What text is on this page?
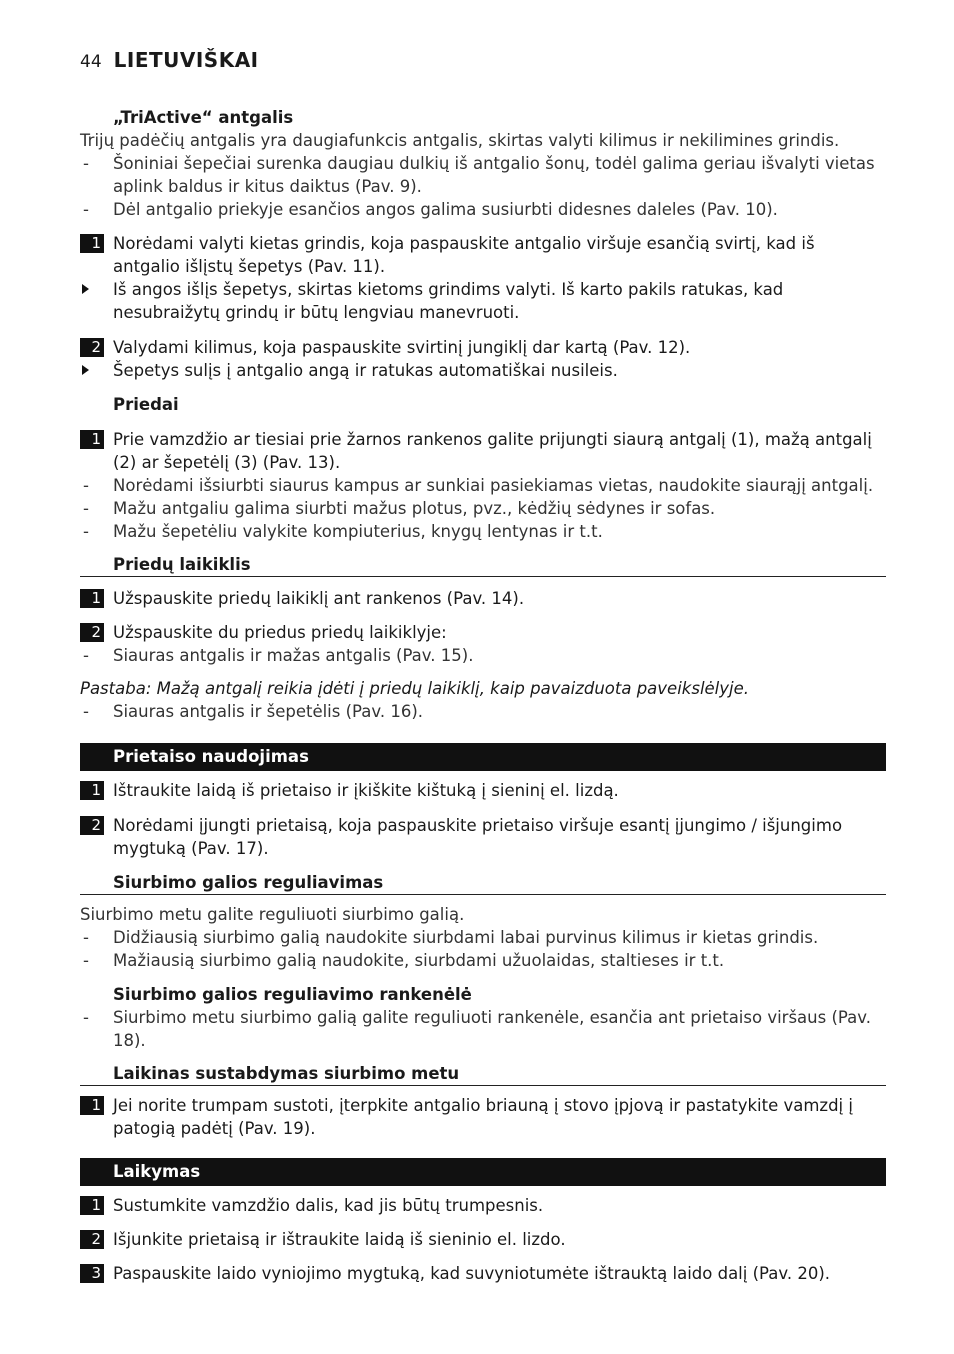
44 LIETUVIŠKAI
„TriActive“ antgalis
Trijų padėčių antgalis yra daugiafunkcis antgalis, skirtas valyti kilimus ir nekilimines grindis.
- Šoniniai šepečiai surenka daugiau dulkių iš antgalio šonų, todėl galima geriau išvalyti vietas aplink baldus ir kitus daiktus (Pav. 9).
- Dėl antgalio priekyje esančios angos galima susiurbti didesnes daleles (Pav. 10).
1 Norėdami valyti kietas grindis, koja paspauskite antgalio viršuje esančią svirtį, kad iš antgalio išlįstų šepetys (Pav. 11).
Iš angos išlįs šepetys, skirtas kietoms grindims valyti. Iš karto pakils ratukas, kad nesubraižytų grindų ir būtų lengviau manevruoti.
2 Valydami kilimus, koja paspauskite svirtinį jungiklį dar kartą (Pav. 12).
Šepetys sulįs į antgalio angą ir ratukas automatiškai nusileis.
Priedai
1 Prie vamzdžio ar tiesiai prie žarnos rankenos galite prijungti siaurą antgalį (1), mažą antgalį (2) ar šepetėlį (3) (Pav. 13).
- Norėdami išsiurbti siaurus kampus ar sunkiai pasiekiamas vietas, naudokite siaurąjį antgalį.
- Mažu antgaliu galima siurbti mažus plotus, pvz., kėdžių sėdynes ir sofas.
- Mažu šepetėliu valykite kompiuterius, knygų lentynas ir t.t.
Priedų laikiklis
1 Užspauskite priedų laikiklį ant rankenos (Pav. 14).
2 Užspauskite du priedus priedų laikiklyje:
- Siauras antgalis ir mažas antgalis (Pav. 15).
Pastaba: Mažą antgalį reikia įdėti į priedų laikiklį, kaip pavaizduota paveikslėlyje.
- Siauras antgalis ir šepetėlis (Pav. 16).
Prietaiso naudojimas
1 Ištraukite laidą iš prietaiso ir įkiškite kištuką į sieninį el. lizdą.
2 Norėdami įjungti prietaisą, koja paspauskite prietaiso viršuje esantį įjungimo / išjungimo mygtuką (Pav. 17).
Siurbimo galios reguliavimas
Siurbimo metu galite reguliuoti siurbimo galią.
- Didžiausią siurbimo galią naudokite siurbdami labai purvinus kilimus ir kietas grindis.
- Mažiausią siurbimo galią naudokite, siurbdami užuolaidas, staltieses ir t.t.
Siurbimo galios reguliavimo rankenėlė
- Siurbimo metu siurbimo galią galite reguliuoti rankenėle, esančia ant prietaiso viršaus (Pav. 18).
Laikinas sustabdymas siurbimo metu
1 Jei norite trumpam sustoti, įterpkite antgalio briauną į stovo įpjovą ir pastatykite vamzdį į patogią padėtį (Pav. 19).
Laikymas
1 Sustumkite vamzdžio dalis, kad jis būtų trumpesnis.
2 Išjunkite prietaisą ir ištraukite laidą iš sieninio el. lizdo.
3 Paspauskite laido vyniojimo mygtuką, kad suvyniotumėte ištrauktą laido dalį (Pav. 20).
